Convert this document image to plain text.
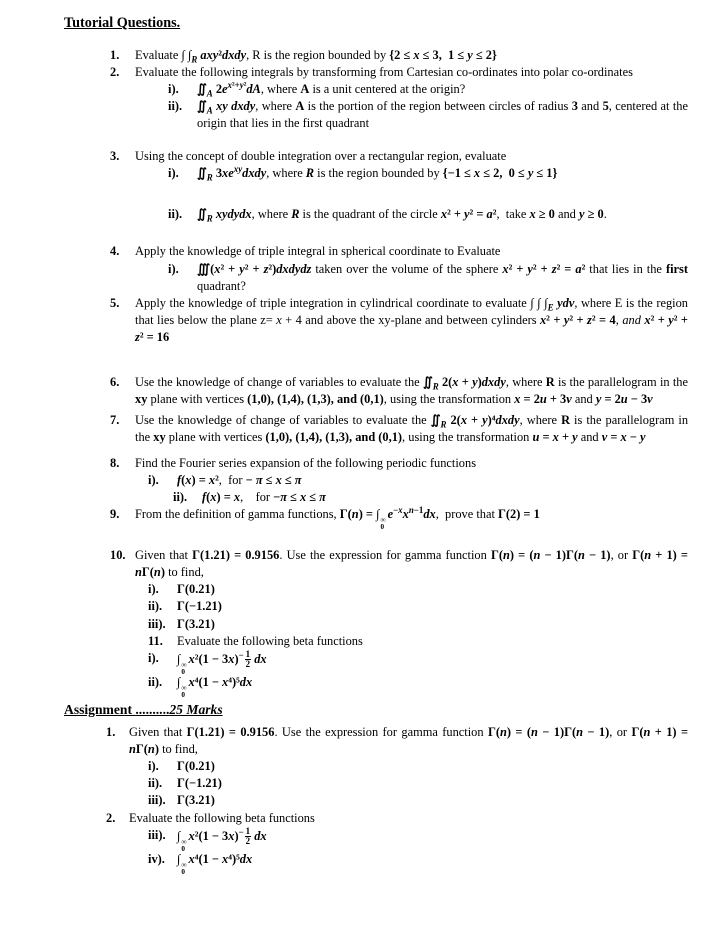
Tutorial Questions.
1.	Evaluate ∫ $\int_R$ axy²dxdy, R is the region bounded by {2 ≤ x ≤ 3, 1 ≤ y ≤ 2}
2.	Evaluate the following integrals by transforming from Cartesian co-ordinates into polar co-ordinates
i).	$∬_A$ $2e^{x^2+y^2}dA$, where A is a unit centered at the origin?
ii).	$∬_A$ xy dxdy, where A is the portion of the region between circles of radius 3 and 5, centered at the origin that lies in the first quadrant
3.	Using the concept of double integration over a rectangular region, evaluate
i).	$∬_R$ $3xe^{xy}dxdy$, where R is the region bounded by {−1 ≤ x ≤ 2, 0 ≤ y ≤ 1}
ii).	$∬_R$ xydydx, where R is the quadrant of the circle x² + y² = a², take x ≥ 0 and y ≥ 0.
4.	Apply the knowledge of triple integral in spherical coordinate to Evaluate
i).	∭(x² + y² + z²)dxdydz taken over the volume of the sphere x² + y² + z² = a² that lies in the first quadrant?
5.	Apply the knowledge of triple integration in cylindrical coordinate to evaluate ∫ ∫ $\int_E$ ydv, where E is the region that lies below the plane z= x + 4 and above the xy-plane and between cylinders x² + y² + z² = 4, and x² + y² + z² = 16
6.	Use the knowledge of change of variables to evaluate the $∬_R$ 2(x + y)dxdy, where R is the parallelogram in the xy plane with vertices (1,0), (1,4), (1,3), and (0,1), using the transformation x = 2u + 3v and y = 2u − 3v
7.	Use the knowledge of change of variables to evaluate the $∬_R$ 2(x + y)⁴dxdy, where R is the parallelogram in the xy plane with vertices (1,0), (1,4), (1,3), and (0,1), using the transformation u = x + y and v = x − y
8.	Find the Fourier series expansion of the following periodic functions
i).	f(x) = x², for − π ≤ x ≤ π
ii).	f(x) = x, for −π ≤ x ≤ π
9.	From the definition of gamma functions, Γ(n) = ∫ ∞
0
$e^{-x}x^{n-1}dx$, prove that Γ(2) = 1
10. Given that Γ(1.21) = 0.9156. Use the expression for gamma function Γ(n) = (n − 1)Γ(n − 1), or Γ(n + 1) = nΓ(n) to find,
i).	Γ(0.21)
ii).	Γ(−1.21)
iii). Γ(3.21)
11.	Evaluate the following beta functions
i).	∫ ∞
0
$x^2(1 - 3x)^{- \frac{1}{2}}$ dx
ii).	∫ ∞
0
x⁴(1 − x⁴)⁵dx
Assignment ..........25 Marks
1.	Given that Γ(1.21) = 0.9156. Use the expression for gamma function Γ(n) = (n − 1)Γ(n − 1), or Γ(n + 1) = nΓ(n) to find,
i).	Γ(0.21)
ii).	Γ(−1.21)
iii). Γ(3.21)
2.	Evaluate the following beta functions
iii). ∫ ∞
0
$x^2(1 - 3x)^{- \frac{1}{2}}$ dx
iv). ∫ ∞
0
x⁴(1 − x⁴)⁵dx
